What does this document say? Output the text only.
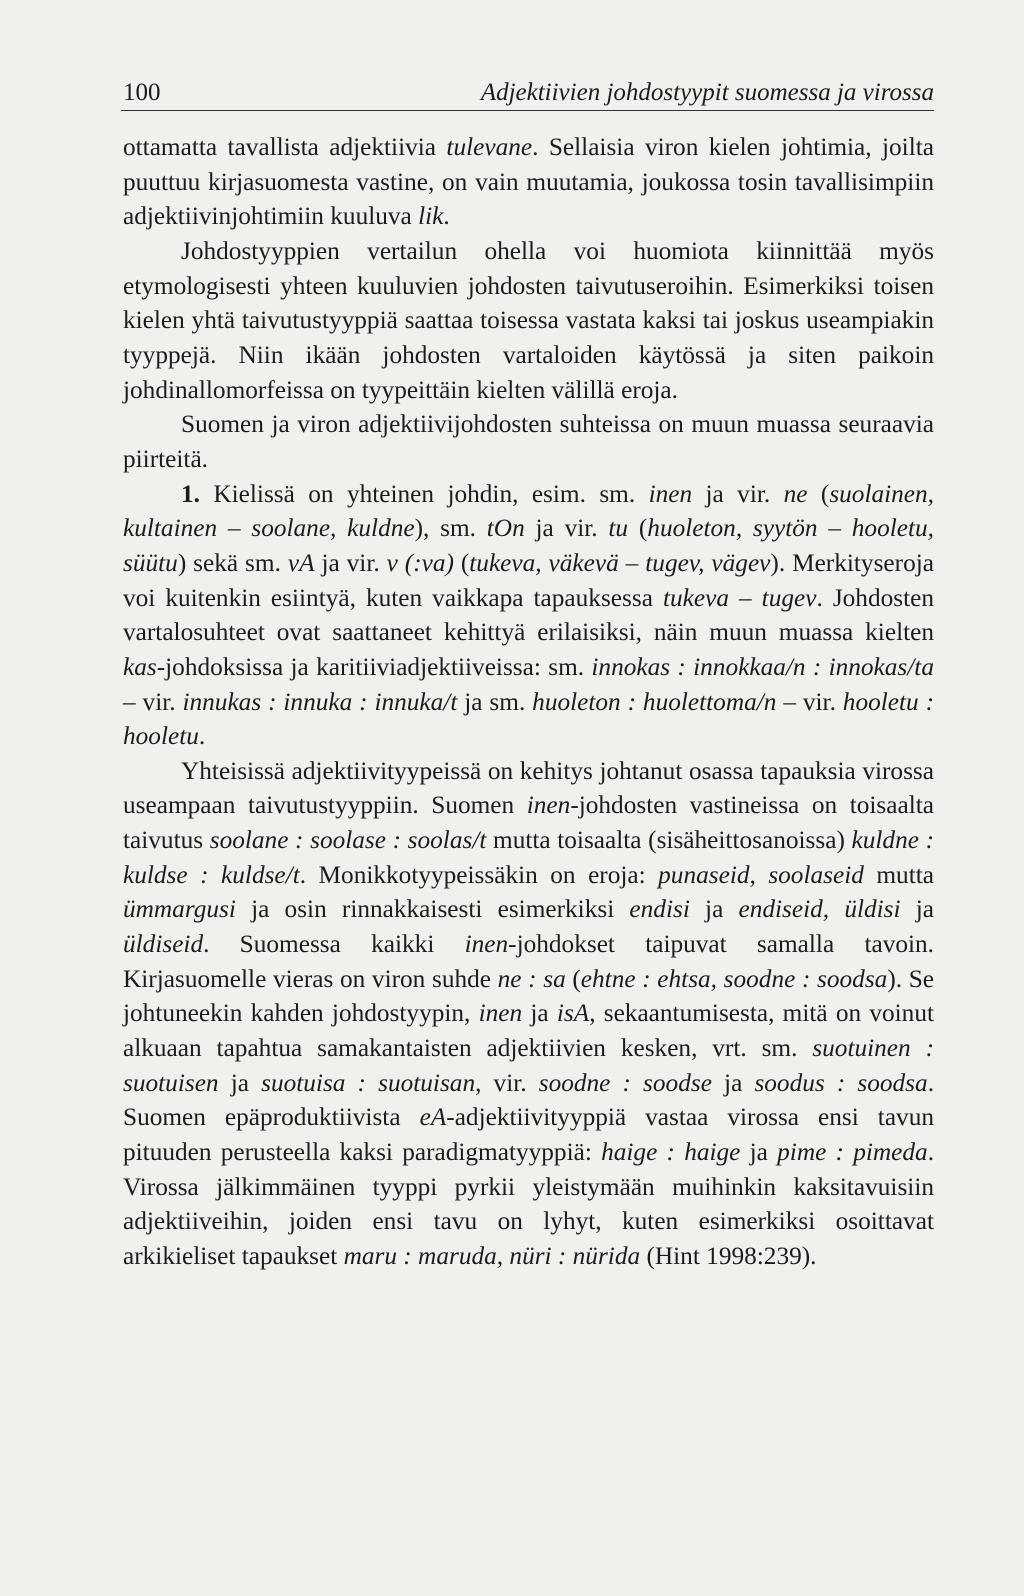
100	Adjektiivien johdostyypit suomessa ja virossa

ottamatta tavallista adjektiivia tulevane. Sellaisia viron kielen johtimia, joilta puuttuu kirjasuomesta vastine, on vain muutamia, joukossa tosin tavallisimpiin adjektiivinjohtimiin kuuluva lik.

Johdostyyppien vertailun ohella voi huomiota kiinnittää myös etymologisesti yhteen kuuluvien johdosten taivutuseroihin. Esimerkiksi toisen kielen yhtä taivutustyyppiä saattaa toisessa vastata kaksi tai joskus useampiakin tyyppejä. Niin ikään johdosten vartaloiden käytössä ja siten paikoin johdinallomorfeissa on tyypeittäin kielten välillä eroja.

Suomen ja viron adjektiivijohdosten suhteissa on muun muassa seuraavia piirteitä.

1. Kielissä on yhteinen johdin, esim. sm. inen ja vir. ne (suolainen, kultainen – soolane, kuldne), sm. tOn ja vir. tu (huoleton, syytön – hooletu, süütu) sekä sm. vA ja vir. v (:va) (tukeva, väkevä – tugev, vägev). Merkityseroja voi kuitenkin esiintyä, kuten vaikkapa tapauksessa tukeva – tugev. Johdosten vartalosuhteet ovat saattaneet kehittyä erilaisiksi, näin muun muassa kielten kas-johdoksissa ja karitiiviadjektiiveissa: sm. innokas : innokkaa/n : innokas/ta – vir. innukas : innuka : innuka/t ja sm. huoleton : huolettoma/n – vir. hooletu : hooletu.

Yhteisissä adjektiivityypeissä on kehitys johtanut osassa tapauksia virossa useampaan taivutustyyppiin. Suomen inen-johdosten vastineissa on toisaalta taivutus soolane : soolase : soolas/t mutta toisaalta (sisäheittosanoissa) kuldne : kuldse : kuldse/t. Monikkotyypeissäkin on eroja: punaseid, soolaseid mutta ümmargusi ja osin rinnakkaisesti esimerkiksi endisi ja endiseid, üldisi ja üldiseid. Suomessa kaikki inen-johdokset taipuvat samalla tavoin. Kirjasuomelle vieras on viron suhde ne : sa (ehtne : ehtsa, soodne : soodsa). Se johtuneekin kahden johdostyypin, inen ja isA, sekaantumisesta, mitä on voinut alkuaan tapahtua samakantaisten adjektiivien kesken, vrt. sm. suotuinen : suotuisen ja suotuisa : suotuisan, vir. soodne : soodse ja soodus : soodsa. Suomen epäproduktiivista eA-adjektiivityyppiä vastaa virossa ensi tavun pituuden perusteella kaksi paradigmatyyppiä: haige : haige ja pime : pimeda. Virossa jälkimmäinen tyyppi pyrkii yleistymään muihinkin kaksitavuisiin adjektiiveihin, joiden ensi tavu on lyhyt, kuten esimerkiksi osoittavat arkikieliset tapaukset maru : maruda, nüri : nürida (Hint 1998:239).
